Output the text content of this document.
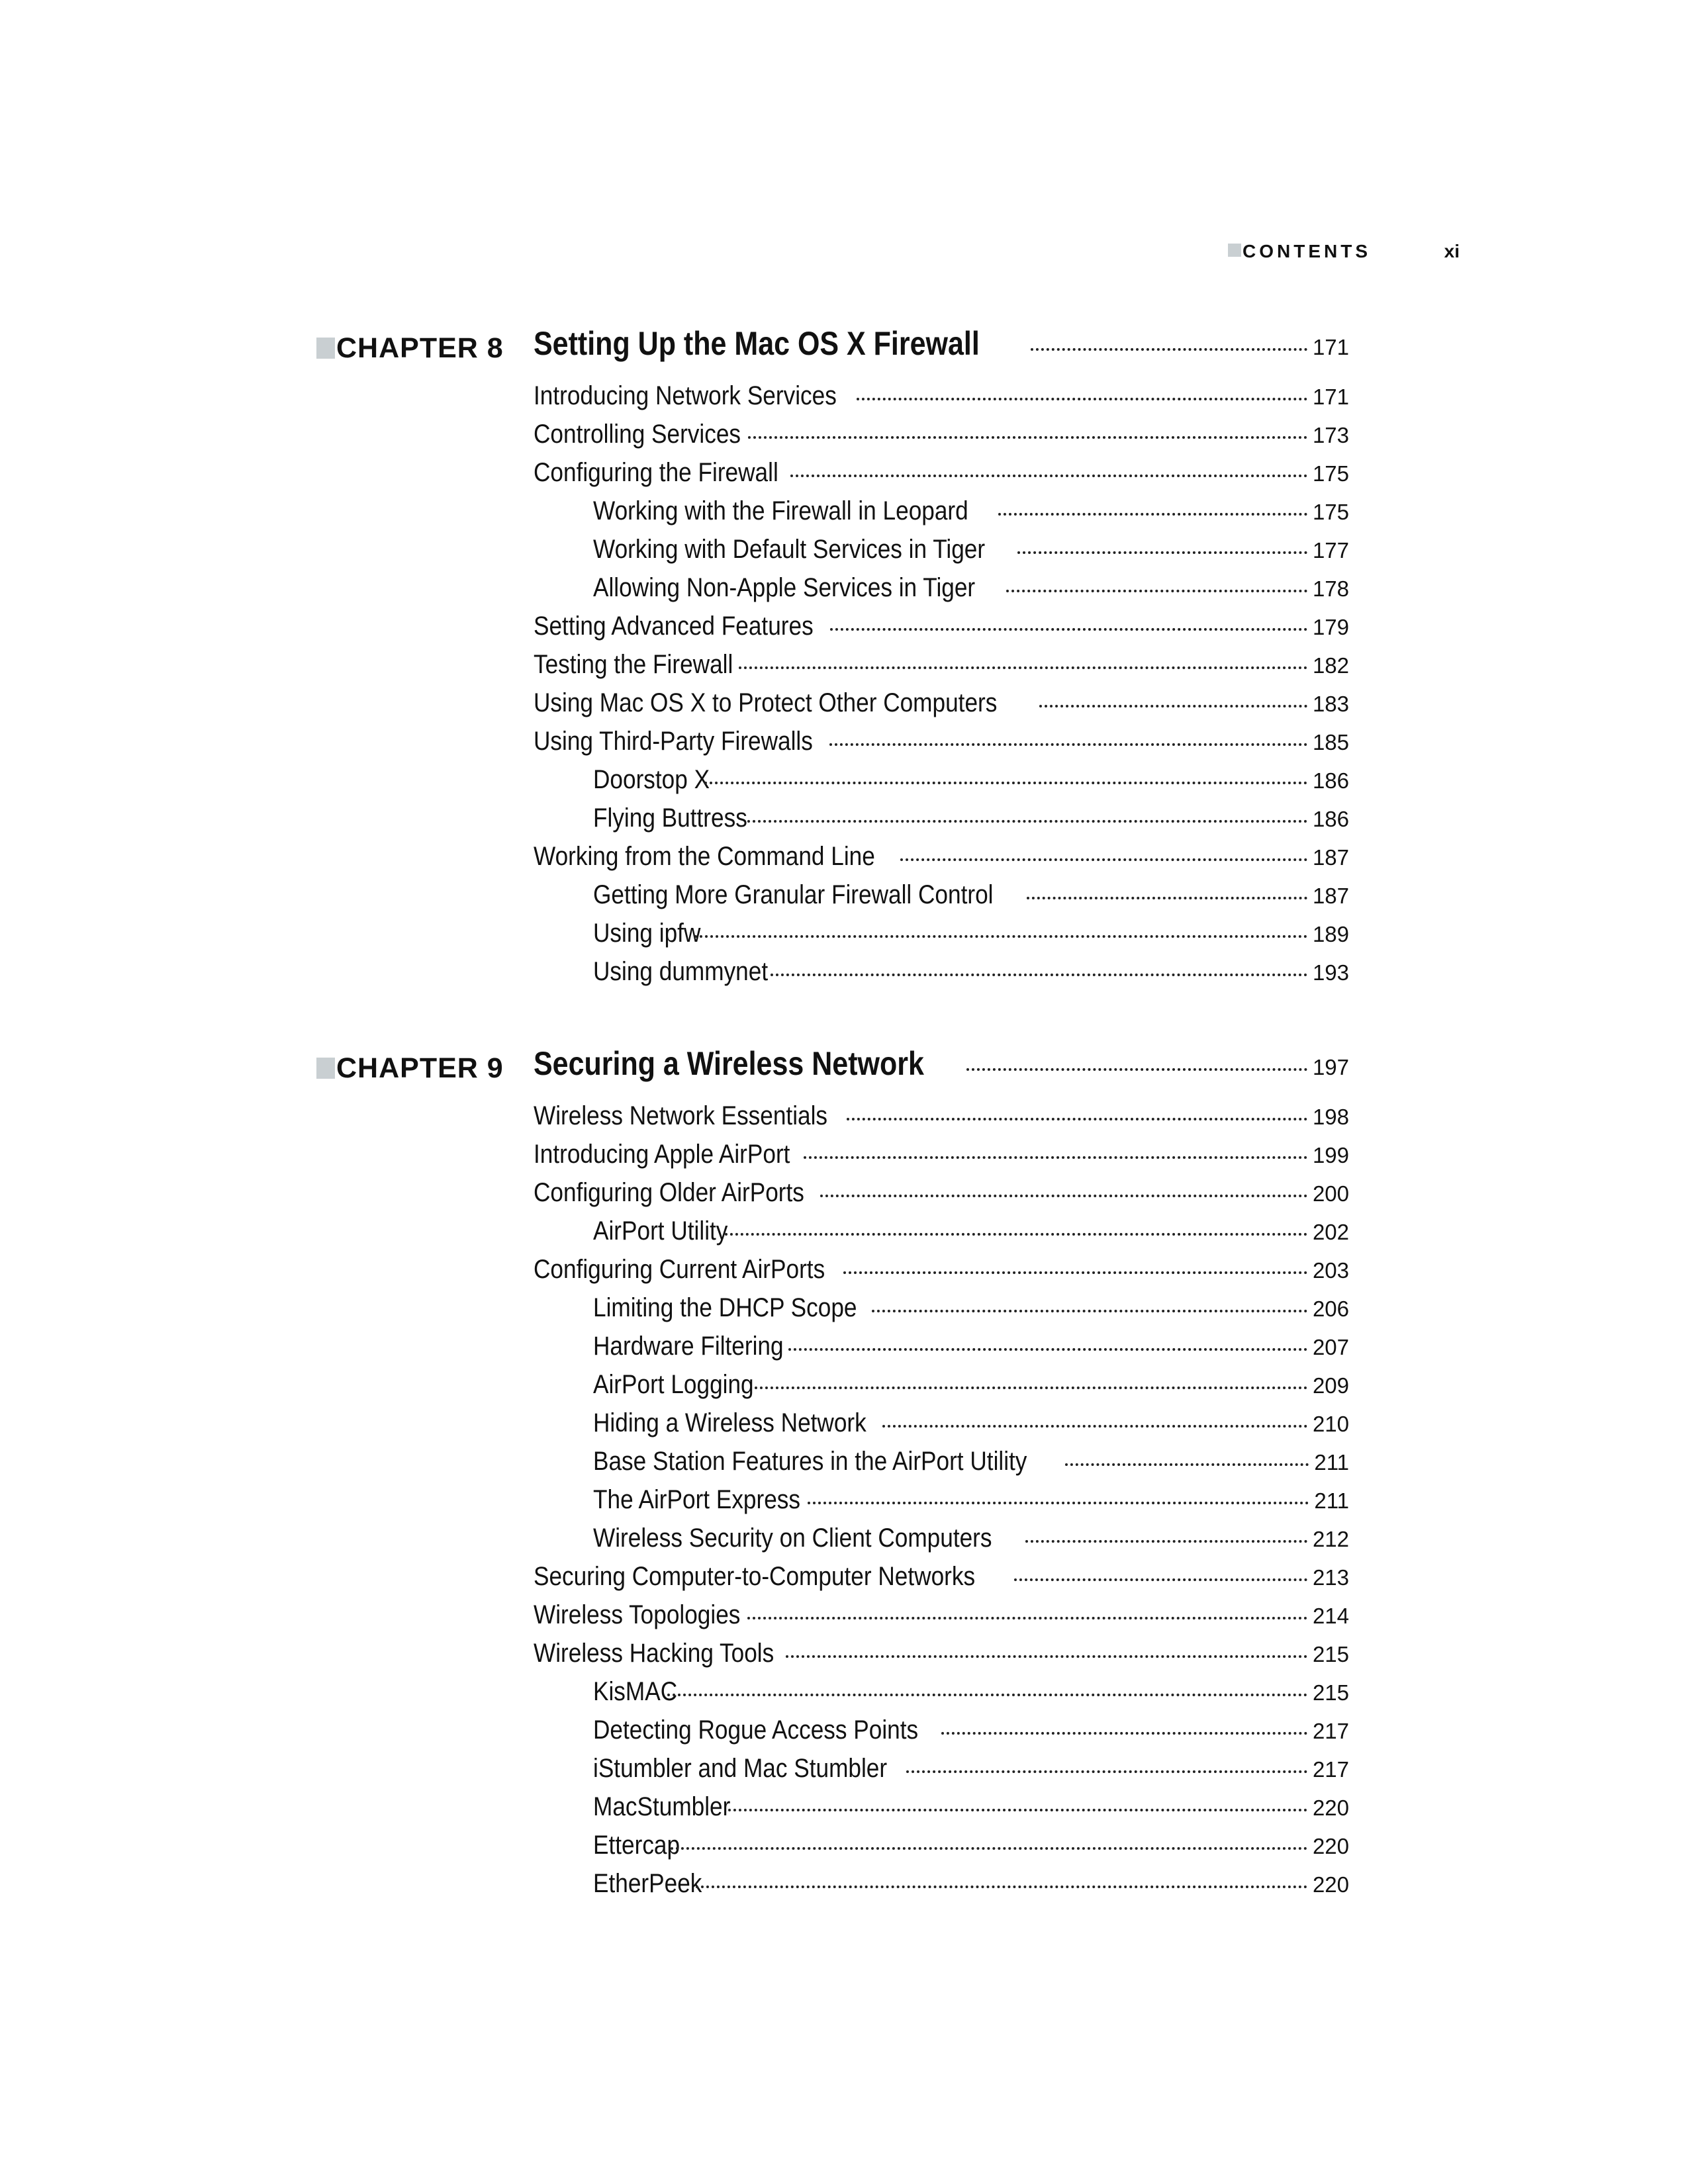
CONTENTS	xi
CHAPTER 8 Setting Up the Mac OS X Firewall	171
Introducing Network Services	171
Controlling Services	173
Configuring the Firewall	175
Working with the Firewall in Leopard	175
Working with Default Services in Tiger	177
Allowing Non-Apple Services in Tiger	178
Setting Advanced Features	179
Testing the Firewall	182
Using Mac OS X to Protect Other Computers	183
Using Third-Party Firewalls	185
Doorstop X	186
Flying Buttress	186
Working from the Command Line	187
Getting More Granular Firewall Control	187
Using ipfw	189
Using dummynet	193
CHAPTER 9 Securing a Wireless Network	197
Wireless Network Essentials	198
Introducing Apple AirPort	199
Configuring Older AirPorts	200
AirPort Utility	202
Configuring Current AirPorts	203
Limiting the DHCP Scope	206
Hardware Filtering	207
AirPort Logging	209
Hiding a Wireless Network	210
Base Station Features in the AirPort Utility	211
The AirPort Express	211
Wireless Security on Client Computers	212
Securing Computer-to-Computer Networks	213
Wireless Topologies	214
Wireless Hacking Tools	215
KisMAC	215
Detecting Rogue Access Points	217
iStumbler and Mac Stumbler	217
MacStumbler	220
Ettercap	220
EtherPeek	220
